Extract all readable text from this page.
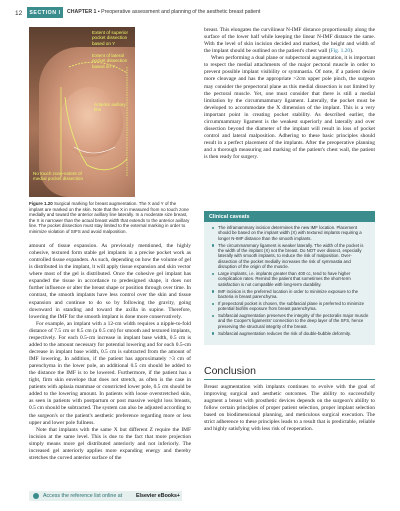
12	SECTION I	CHAPTER 1 ▪ Preoperative assessment and planning of the aesthetic breast patient
Extent of superior pocket dissection based on Y
Extent of lateral pocket dissection based on Y
Anterior axillary line
No touch zone-extent of medial pocket dissection
Figure 1.20 Surgical marking for breast augmentation. The X and Y of the implant are marked on the skin. Note that the X in measured from no touch zone medially and toward the anterior axillary line laterally. In a moderate size breast, the X is narrower than the actual breast width that extends to the anterior axillary line. The pocket dissection must stay limited to the external marking in order to minimize violation of SIFS and avoid malposition.

amount of tissue expansion. As previously mentioned, the highly cohesive, textured form stable gel implants in a precise pocket work as controlled tissue expanders. As such, depending on how the volume of gel is distributed in the implant, it will apply tissue expansion and skin vector where most of the gel is distributed. Once the cohesive gel implant has expanded the tissue in accordance to predesigned shape, it does not further influence or alter the breast shape or position through over time. In contrast, the smooth implants have less control over the skin and tissue expansion and continue to do so by following the gravity, going downward in standing and toward the axilla in supine. Therefore, lowering the IMF for the smooth implant is done more conservatively.

For example, an implant with a 12-cm width requires a nipple-to-fold distance of 7.5 cm or 8.5 cm (a 0.5 cm) for smooth and textured implants, respectively. For each 0.5-cm increase in implant base width, 0.5 cm is added to the amount necessary for potential lowering and for each 0.5-cm decrease in implant base width, 0.5 cm is subtracted from the amount of IMF lowering. In addition, if the patient has approximately >3 cm of parenchyma in the lower pole, an additional 0.5 cm should be added to the distance the IMF is to be lowered. Furthermore, if the patient has a tight, firm skin envelope that does not stretch, as often is the case in patients with aplasia mammae or constricted lower pole, 0.5 cm should be added to the lowering amount. In patients with loose overstretched skin, as seen in patients with postpartum or post massive weight loss breasts, 0.5 cm should be subtracted. The system can also be adjusted according to the surgeon's or the patient's aesthetic preference regarding more or less upper and lower pole fullness.

Note that implants with the same X but different Z require the IMF incision at the same level. This is due to the fact that more projection simply means more gel distributed anteriorly and not inferiorly. The increased gel anteriorly applies more expanding energy and thereby stretches the curved anterior surface of the

breast. This elongates the curvilinear N-IMF distance proportionally along the surface of the lower half while keeping the linear N-IMF distance the same. With the level of skin incision decided and marked, the height and width of the implant should be outlined on the patient's chest wall (Fig. 1.20).

When performing a dual plane or subpectoral augmentation, it is important to respect the medial attachments of the major pectoral muscle in order to prevent possible implant visibility or symmastia. Of note, if a patient desire more cleavage and has the appropriate >2cm upper pole pinch, the surgeon may consider the prepectoral plane as this medial dissection is not limited by the pectoral muscle. Yet, one must consider that there is still a medial limitation by the circummammary ligament. Laterally, the pocket must be developed to accommodate the X dimension of the implant. This is a very important point in creating pocket stability. As described earlier, the circummammary ligament is the weakest superiorly and laterally and over dissection beyond the diameter of the implant will result in loss of pocket control and lateral malposition. Adhering to these basic principles should result in a perfect placement of the implants. After the preoperative planning and a thorough measuring and marking of the patient's chest wall, the patient is then ready for surgery.

Clinical caveats
The inframammary incision determines the new IMF location. Placement should be based on the implant width (X) with textured implants requiring a longer N-IMF distance than the smooth implants.
The circummammary ligament is weaker laterally. The width of the pocket is the width of the implant (X) not the breast. Do NOT over dissect, especially laterally with smooth implants, to reduce the risk of malposition. Over-dissection of the pocket medially increases the risk of symmastia and disruption of the origin of the muscle.
Large implants, i.e. implants greater than 400 cc, tend to have higher complication rates. Remind the patient that sometimes the short-term satisfaction is not compatible with long-term durability.
IMF incision is the preferred location in order to minimize exposure to the bacteria in breast parenchyma.
If prepectoral pocket is chosen, the subfascial plane is preferred to minimize potential biofilm exposure from breast parenchyma.
Subfascial augmentation preserves the integrity of the pectoralis major muscle and the Cooper's ligaments' connection to the deep layer of the SFS, hence preserving the structural integrity of the breast.
Subfascial augmentation reduces the risk of double-bubble deformity.
Conclusion

Breast augmentation with implants continues to evolve with the goal of improving surgical and aesthetic outcomes. The ability to successfully augment a breast with prosthetic devices depends on the surgeon's ability to follow certain principles of proper patient selection, proper implant selection based on biodimensional planning, and meticulous surgical execution. The strict adherence to these principles leads to a result that is predictable, reliable and highly satisfying with less risk of reoperation.

Access the reference list online at	Elsevier eBooks+
